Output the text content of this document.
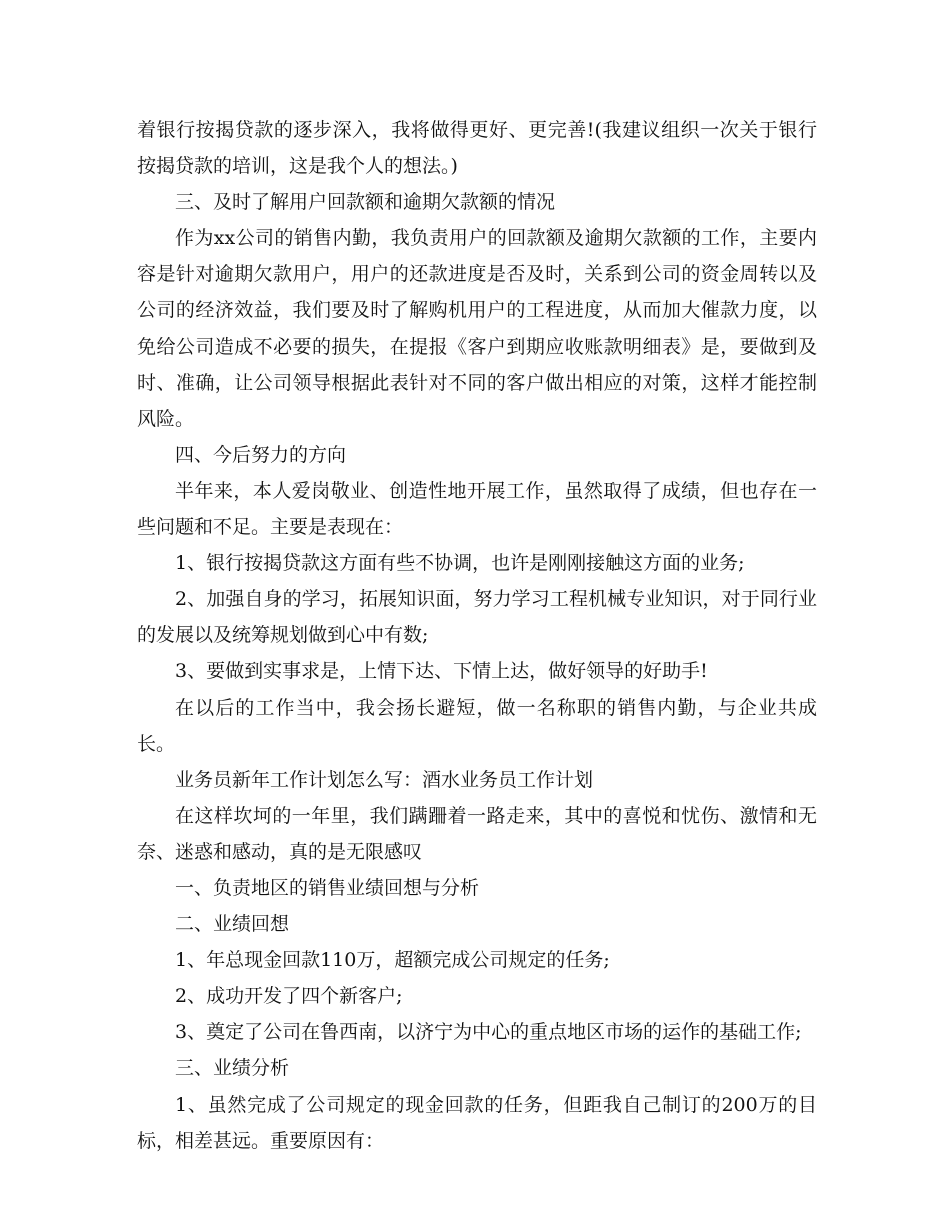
着银行按揭贷款的逐步深入，我将做得更好、更完善!(我建议组织一次关于银行按揭贷款的培训，这是我个人的想法。)

三、及时了解用户回款额和逾期欠款额的情况

作为xx公司的销售内勤，我负责用户的回款额及逾期欠款额的工作，主要内容是针对逾期欠款用户，用户的还款进度是否及时，关系到公司的资金周转以及公司的经济效益，我们要及时了解购机用户的工程进度，从而加大催款力度，以免给公司造成不必要的损失，在提报《客户到期应收账款明细表》是，要做到及时、准确，让公司领导根据此表针对不同的客户做出相应的对策，这样才能控制风险。

四、今后努力的方向

半年来，本人爱岗敬业、创造性地开展工作，虽然取得了成绩，但也存在一些问题和不足。主要是表现在：

1、银行按揭贷款这方面有些不协调，也许是刚刚接触这方面的业务;

2、加强自身的学习，拓展知识面，努力学习工程机械专业知识，对于同行业的发展以及统筹规划做到心中有数;

3、要做到实事求是，上情下达、下情上达，做好领导的好助手!

在以后的工作当中，我会扬长避短，做一名称职的销售内勤，与企业共成长。

业务员新年工作计划怎么写：酒水业务员工作计划

在这样坎坷的一年里，我们蹒跚着一路走来，其中的喜悦和忧伤、激情和无奈、迷惑和感动，真的是无限感叹

一、负责地区的销售业绩回想与分析

二、业绩回想

1、年总现金回款110万，超额完成公司规定的任务;

2、成功开发了四个新客户;

3、奠定了公司在鲁西南，以济宁为中心的重点地区市场的运作的基础工作;

三、业绩分析

1、虽然完成了公司规定的现金回款的任务，但距我自己制订的200万的目标，相差甚远。重要原因有：
